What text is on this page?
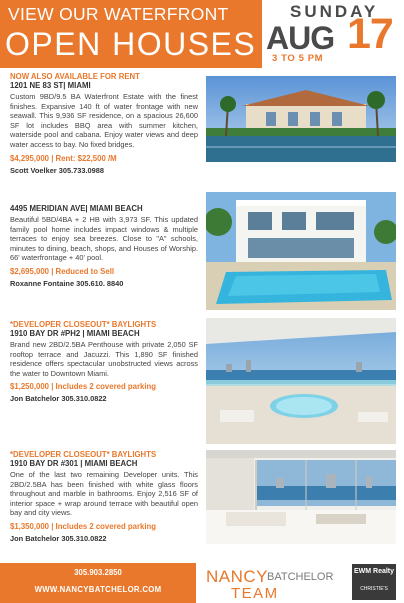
VIEW OUR WATERFRONT
OPEN HOUSES
SUNDAY
AUG 17
3 TO 5 PM
NOW ALSO AVAILABLE FOR RENT
1201 NE 83 ST| MIAMI
Custom 9BD/9.5 BA Waterfront Estate with the finest finishes. Expansive 140 ft of water frontage with new seawall. This 9,936 SF residence, on a spacious 26,600 SF lot includes BBQ area with summer kitchen, waterside pool and cabana. Enjoy water views and deep water access to bay. No fixed bridges.
$4,295,000 | Rent: $22,500 /M
Scott Voelker 305.733.0988
4495 MERIDIAN AVE| MIAMI BEACH
Beautiful 5BD/4BA + 2 HB with 3,973 SF. This updated family pool home includes impact windows & multiple terraces to enjoy sea breezes. Close to "A" schools, minutes to dining, beach, shops, and Houses of Worship. 66' waterfrontage + 40' pool.
$2,695,000 | Reduced to Sell
Roxanne Fontaine 305.610. 8840
*DEVELOPER CLOSEOUT* BAYLIGHTS
1910 BAY DR #PH2 | MIAMI BEACH
Brand new 2BD/2.5BA Penthouse with private 2,050 SF rooftop terrace and Jacuzzi. This 1,890 SF finished residence offers spectacular unobstructed views across the water to Downtown Miami.
$1,250,000 | Includes 2 covered parking
Jon Batchelor 305.310.0822
*DEVELOPER CLOSEOUT* BAYLIGHTS
1910 BAY DR #301 | MIAMI BEACH
One of the last two remaining Developer units. This 2BD/2.5BA has been finished with white glass floors throughout and marble in bathrooms. Enjoy 2,516 SF of interior space + wrap around terrace with beautiful open bay and city views.
$1,350,000 | Includes 2 covered parking
Jon Batchelor 305.310.0822
305.903.2850
WWW.NANCYBATCHELOR.COM
NANCY
BATCHELOR
TEAM
EWM Realty
CHRISTIE'S
